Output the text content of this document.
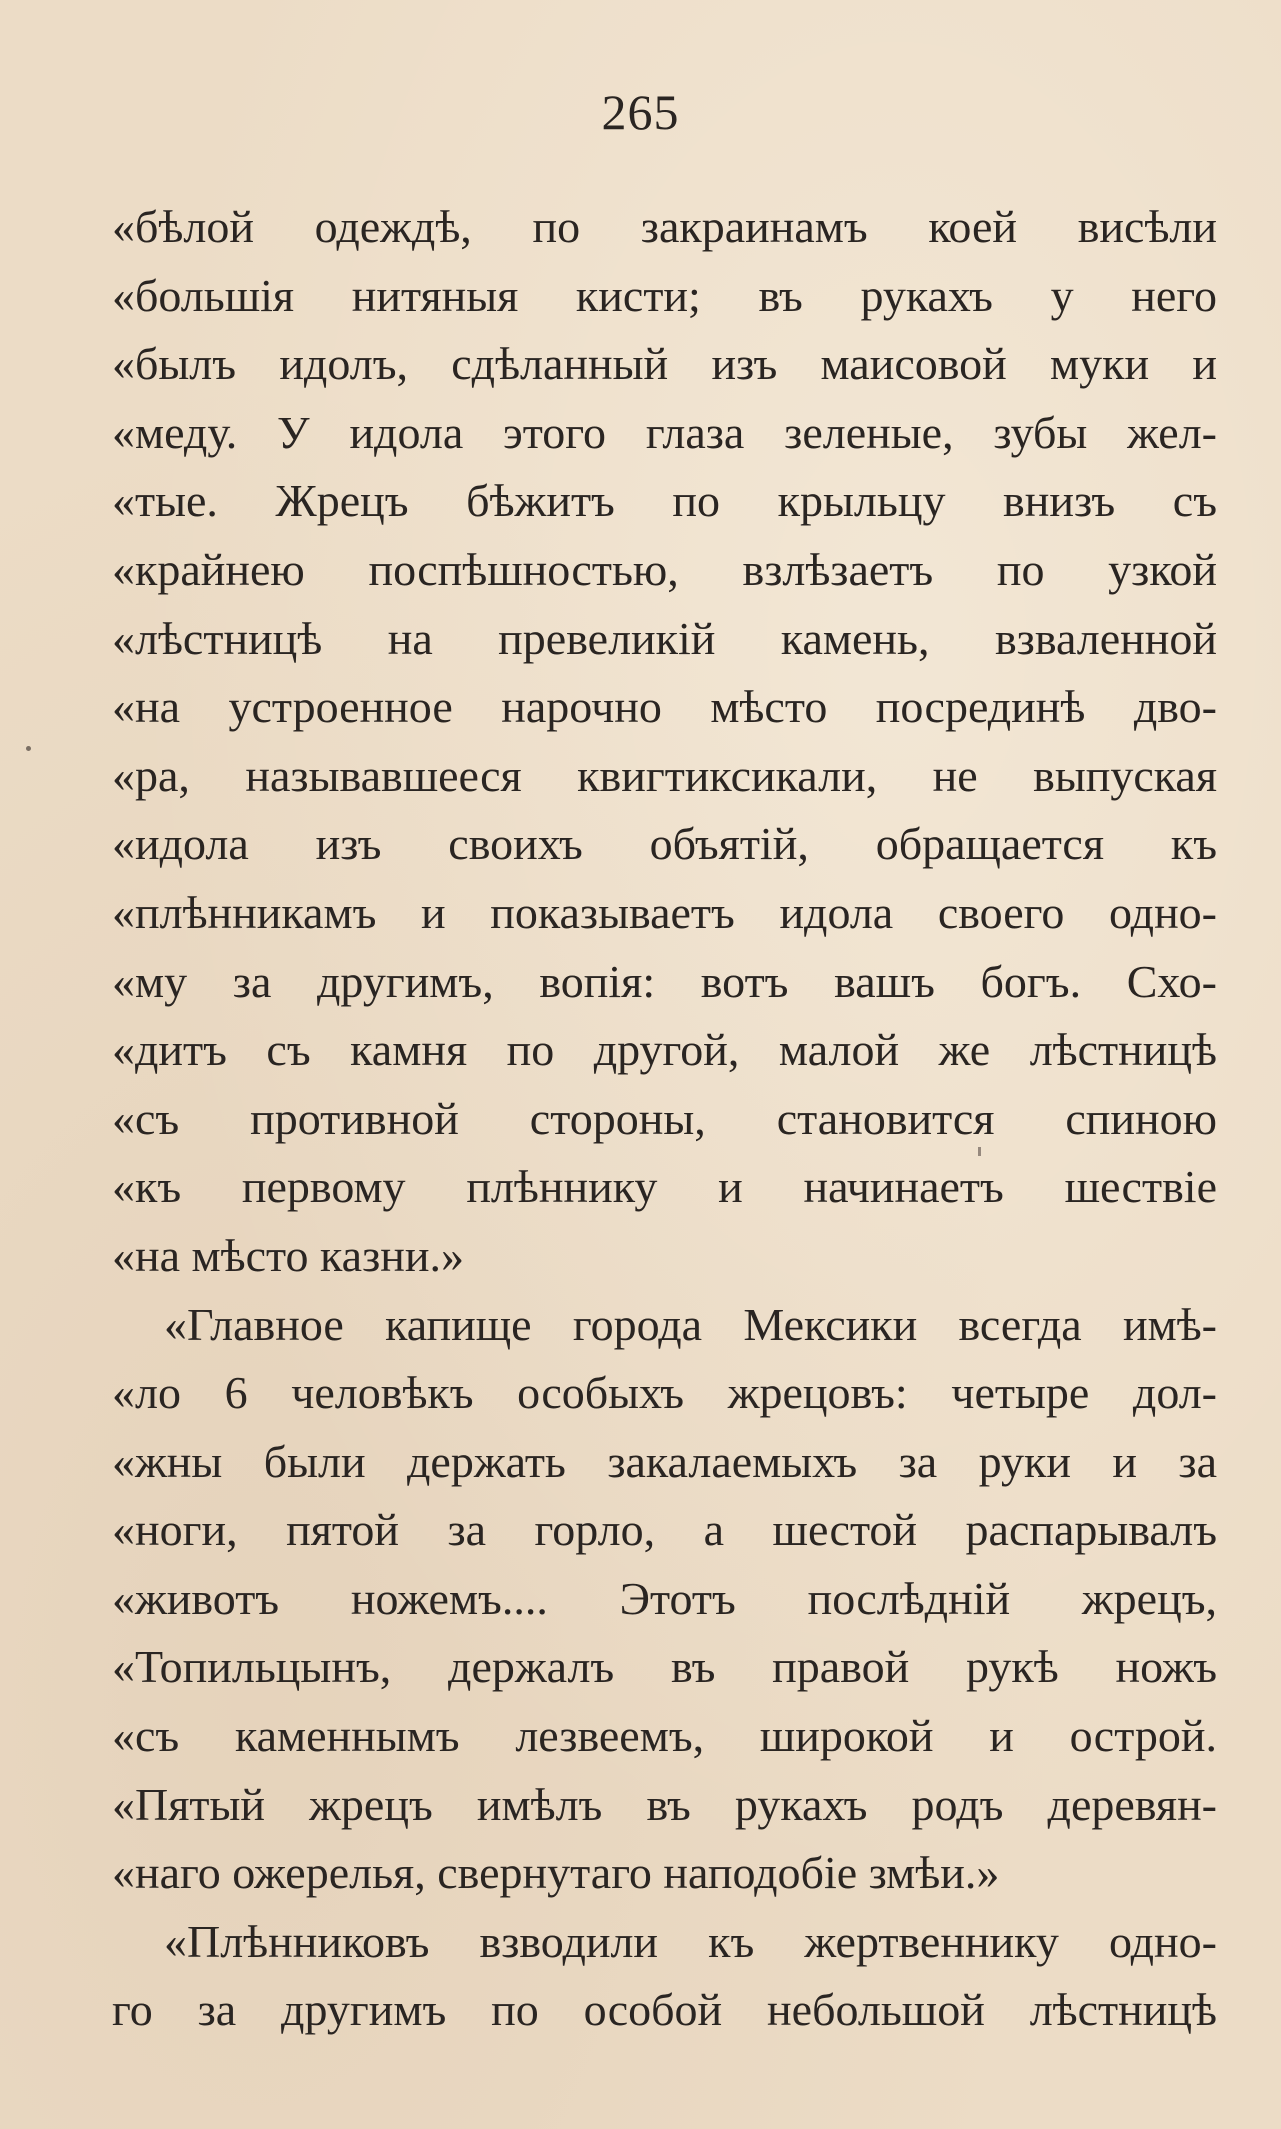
265
«бѣлой одеждѣ, по закраинамъ коей висѣли
«большія нитяныя кисти; въ рукахъ у него
«былъ идолъ, сдѣланный изъ маисовой муки и
«меду. У идола этого глаза зеленые, зубы жел-
«тые. Жрецъ бѣжитъ по крыльцу внизъ съ
«крайнею поспѣшностью, взлѣзаетъ по узкой
«лѣстницѣ на превеликій камень, взваленной
«на устроенное нарочно мѣсто посрединѣ дво-
«ра, называвшееся квигтиксикали, не выпуская
«идола изъ своихъ объятій, обращается къ
«плѣнникамъ и показываетъ идола своего одно-
«му за другимъ, вопія: вотъ вашъ богъ. Схо-
«дитъ съ камня по другой, малой же лѣстницѣ
«съ противной стороны, становится спиною
«къ первому плѣннику и начинаетъ шествіе
«на мѣсто казни.»
«Главное капище города Мексики всегда имѣ-
«ло 6 человѣкъ особыхъ жрецовъ: четыре дол-
«жны были держать закалаемыхъ за руки и за
«ноги, пятой за горло, а шестой распарывалъ
«животъ ножемъ.... Этотъ послѣдній жрецъ,
«Топильцынъ, держалъ въ правой рукѣ ножъ
«съ каменнымъ лезвеемъ, широкой и острой.
«Пятый жрецъ имѣлъ въ рукахъ родъ деревян-
«наго ожерелья, свернутаго наподобіе змѣи.»
«Плѣнниковъ взводили къ жертвеннику одно-
го за другимъ по особой небольшой лѣстницѣ
